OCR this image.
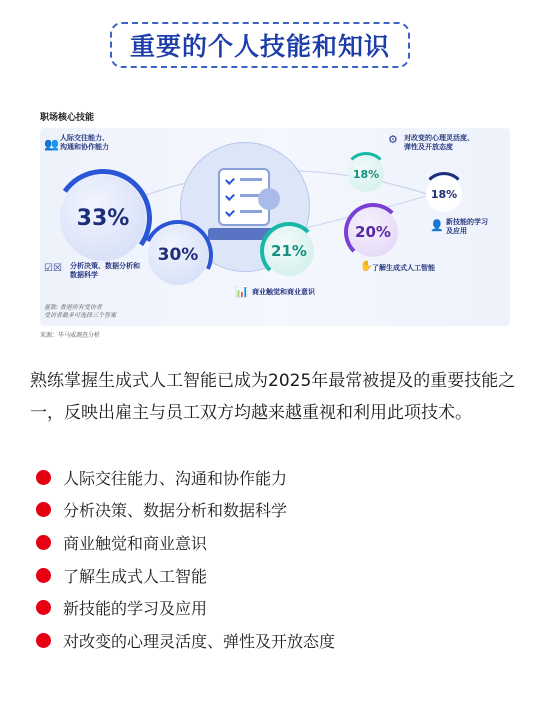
重要的个人技能和知识
职场核心技能
33%
30%	21%
20%
18%
18%
👥 人际交往能力、
沟通和协作能力
☑☒ 分析决策、数据分析和
数据科学
📊 商业触觉和商业意识
✋ 了解生成式人工智能
⚙ 对改变的心理灵活度、
弹性及开放态度
👤 新技能的学习
及应用
基数: 香港所有受访者
受访者最多可选择三个答案
来源：毕马威调查分析

熟练掌握生成式人工智能已成为2025年最常被提及的重要技能之一，反映出雇主与员工双方均越来越重视和利用此项技术。

人际交往能力、沟通和协作能力
分析决策、数据分析和数据科学
商业触觉和商业意识
了解生成式人工智能
新技能的学习及应用
对改变的心理灵活度、弹性及开放态度
